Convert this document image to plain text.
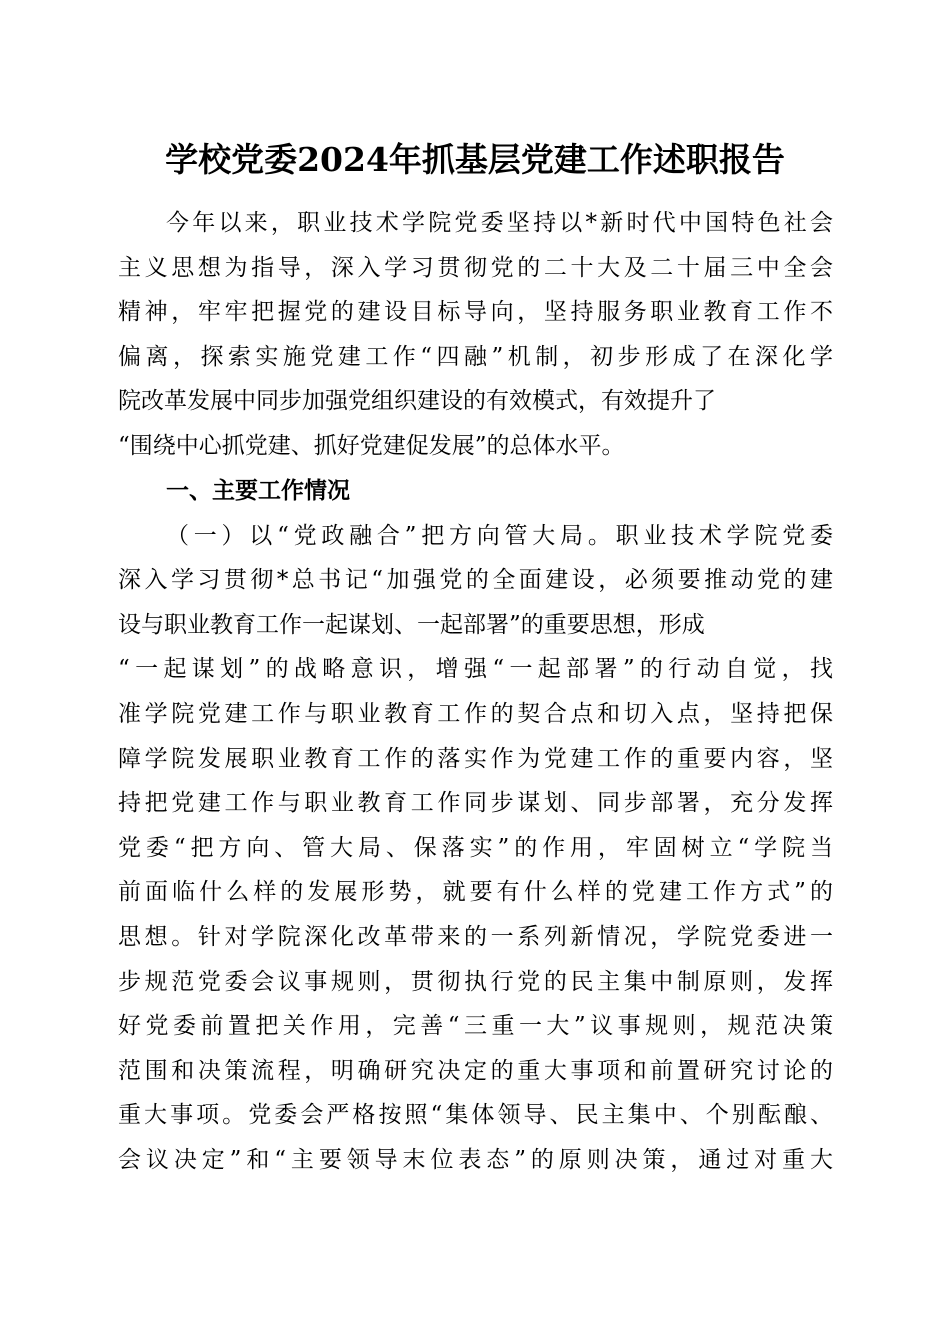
学校党委2024年抓基层党建工作述职报告
今年以来，职业技术学院党委坚持以*新时代中国特色社会
主义思想为指导，深入学习贯彻党的二十大及二十届三中全会
精神，牢牢把握党的建设目标导向，坚持服务职业教育工作不
偏离，探索实施党建工作“四融”机制，初步形成了在深化学
院改革发展中同步加强党组织建设的有效模式，有效提升了
“围绕中心抓党建、抓好党建促发展”的总体水平。
一、主要工作情况
（一）以“党政融合”把方向管大局。职业技术学院党委
深入学习贯彻*总书记“加强党的全面建设，必须要推动党的建
设与职业教育工作一起谋划、一起部署”的重要思想，形成
“一起谋划”的战略意识，增强“一起部署”的行动自觉，找
准学院党建工作与职业教育工作的契合点和切入点，坚持把保
障学院发展职业教育工作的落实作为党建工作的重要内容，坚
持把党建工作与职业教育工作同步谋划、同步部署，充分发挥
党委“把方向、管大局、保落实”的作用，牢固树立“学院当
前面临什么样的发展形势，就要有什么样的党建工作方式”的
思想。针对学院深化改革带来的一系列新情况，学院党委进一
步规范党委会议事规则，贯彻执行党的民主集中制原则，发挥
好党委前置把关作用，完善“三重一大”议事规则，规范决策
范围和决策流程，明确研究决定的重大事项和前置研究讨论的
重大事项。党委会严格按照“集体领导、民主集中、个别酝酿、
会议决定”和“主要领导末位表态”的原则决策，通过对重大
